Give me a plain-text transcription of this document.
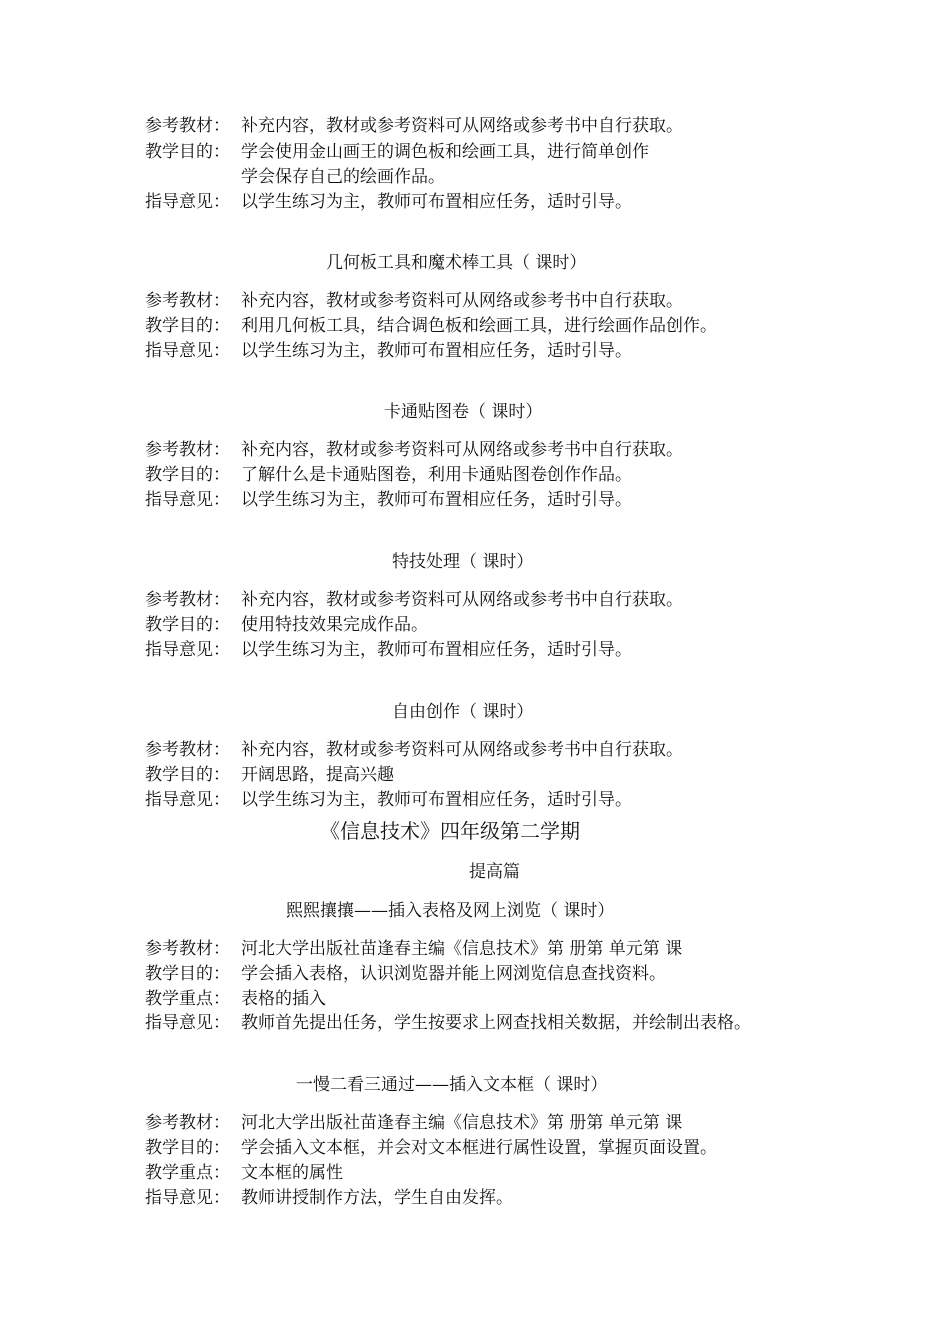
参考教材： 补充内容，教材或参考资料可从网络或参考书中自行获取。
教学目的： 学会使用金山画王的调色板和绘画工具，进行简单创作
学会保存自己的绘画作品。
指导意见： 以学生练习为主，教师可布置相应任务，适时引导。
几何板工具和魔术棒工具（ 课时）
参考教材： 补充内容，教材或参考资料可从网络或参考书中自行获取。
教学目的： 利用几何板工具，结合调色板和绘画工具，进行绘画作品创作。
指导意见： 以学生练习为主，教师可布置相应任务，适时引导。
卡通贴图卷（ 课时）
参考教材： 补充内容，教材或参考资料可从网络或参考书中自行获取。
教学目的： 了解什么是卡通贴图卷，利用卡通贴图卷创作作品。
指导意见： 以学生练习为主，教师可布置相应任务，适时引导。
特技处理（ 课时）
参考教材： 补充内容，教材或参考资料可从网络或参考书中自行获取。
教学目的： 使用特技效果完成作品。
指导意见： 以学生练习为主，教师可布置相应任务，适时引导。
自由创作（ 课时）
参考教材： 补充内容，教材或参考资料可从网络或参考书中自行获取。
教学目的： 开阔思路，提高兴趣
指导意见： 以学生练习为主，教师可布置相应任务，适时引导。
《信息技术》四年级第二学期
提高篇
熙熙攘攘——插入表格及网上浏览（ 课时）
参考教材： 河北大学出版社苗逢春主编《信息技术》第 册第 单元第 课
教学目的： 学会插入表格，认识浏览器并能上网浏览信息查找资料。
教学重点： 表格的插入
指导意见： 教师首先提出任务，学生按要求上网查找相关数据，并绘制出表格。
一慢二看三通过——插入文本框（ 课时）
参考教材： 河北大学出版社苗逢春主编《信息技术》第 册第 单元第 课
教学目的： 学会插入文本框，并会对文本框进行属性设置，掌握页面设置。
教学重点： 文本框的属性
指导意见： 教师讲授制作方法，学生自由发挥。
